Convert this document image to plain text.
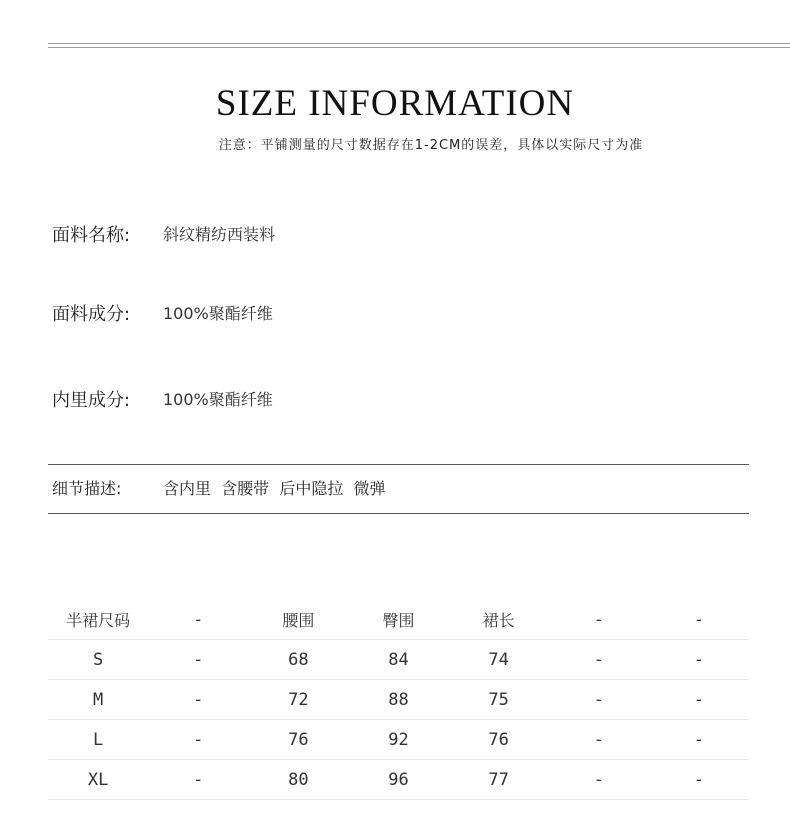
SIZE INFORMATION
注意：平铺测量的尺寸数据存在1-2CM的误差，具体以实际尺寸为准
面料名称:	斜纹精纺西装料
面料成分:	100%聚酯纤维
内里成分:	100%聚酯纤维
细节描述:	含内里  含腰带  后中隐拉  微弹
半裙尺码	-	腰围	臀围	裙长	-	-
S	-	68	84	74	-	-
M	-	72	88	75	-	-
L	-	76	92	76	-	-
XL	-	80	96	77	-	-
